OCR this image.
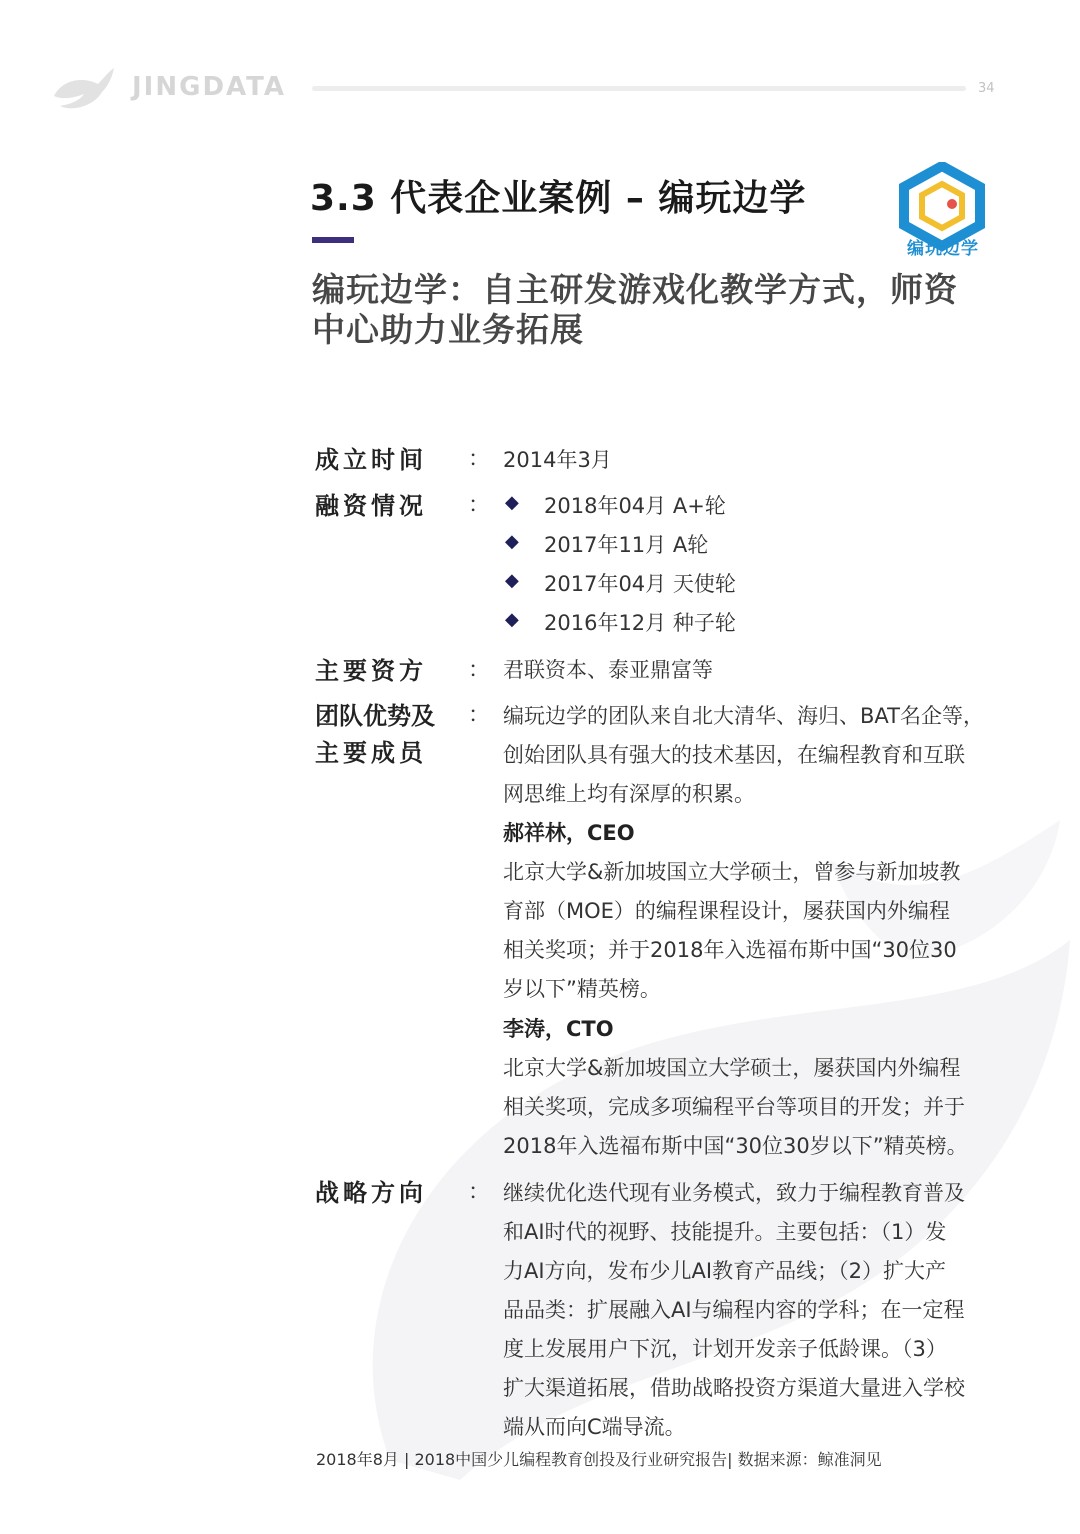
JINGDATA	34
3.3 代表企业案例 – 编玩边学
编玩边学：自主研发游戏化教学方式，师资
中心助力业务拓展
编玩边学
成立时间 ： 2014年3月
融资情况 ： ◆ 2018年04月 A+轮
◆ 2017年11月 A轮
◆ 2017年04月 天使轮
◆ 2016年12月 种子轮
主要资方 ： 君联资本、泰亚鼎富等
团队优势及
主要成员
： 编玩边学的团队来自北大清华、海归、BAT名企等，
创始团队具有强大的技术基因，在编程教育和互联
网思维上均有深厚的积累。
郝祥林，CEO
北京大学&新加坡国立大学硕士，曾参与新加坡教
育部（MOE）的编程课程设计，屡获国内外编程
相关奖项；并于2018年入选福布斯中国“30位30
岁以下”精英榜。
李涛，CTO
北京大学&新加坡国立大学硕士，屡获国内外编程
相关奖项，完成多项编程平台等项目的开发；并于
2018年入选福布斯中国“30位30岁以下”精英榜。
战略方向 ： 继续优化迭代现有业务模式，致力于编程教育普及
和AI时代的视野、技能提升。主要包括：（1）发
力AI方向，发布少儿AI教育产品线；（2）扩大产
品品类：扩展融入AI与编程内容的学科；在一定程
度上发展用户下沉，计划开发亲子低龄课。（3）
扩大渠道拓展，借助战略投资方渠道大量进入学校
端从而向C端导流。
2018年8月 | 2018中国少儿编程教育创投及行业研究报告| 数据来源：鲸准洞见
